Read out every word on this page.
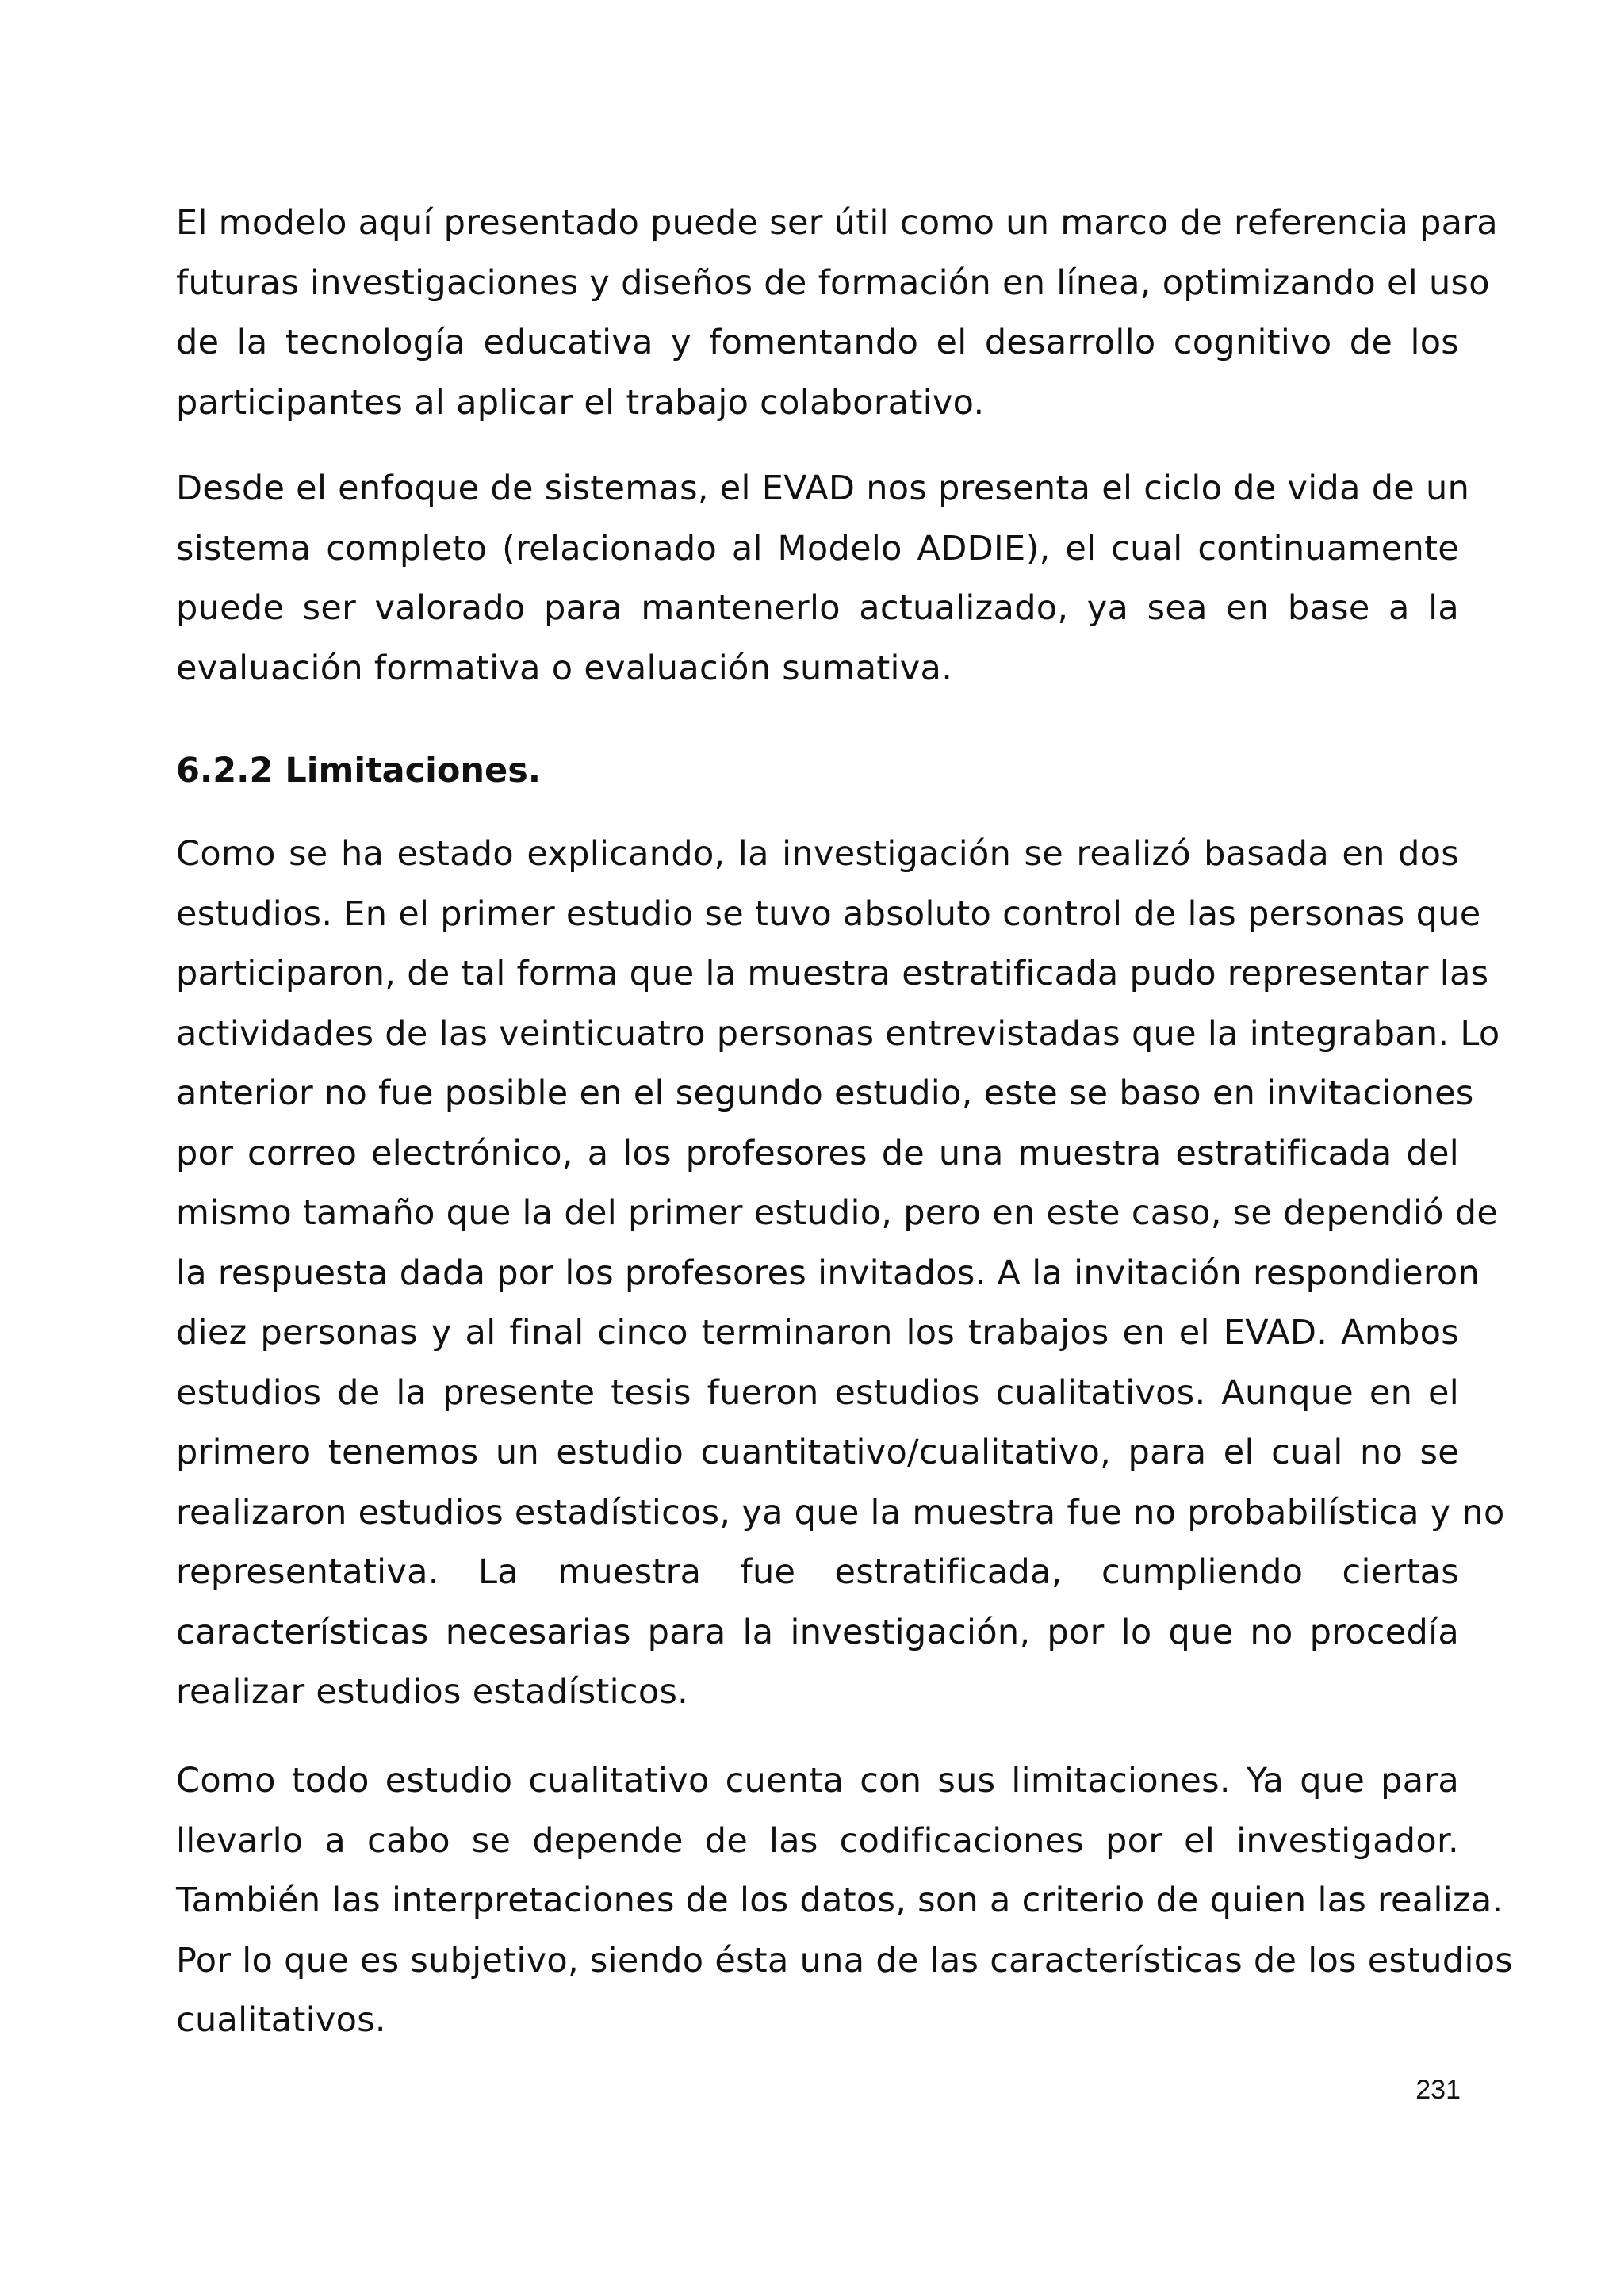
El modelo aquí presentado puede ser útil como un marco de referencia para
futuras investigaciones y diseños de formación en línea, optimizando el uso
de la tecnología educativa y fomentando el desarrollo cognitivo de los
participantes al aplicar el trabajo colaborativo.
Desde el enfoque de sistemas, el EVAD nos presenta el ciclo de vida de un
sistema completo (relacionado al Modelo ADDIE), el cual continuamente
puede ser valorado para mantenerlo actualizado, ya sea en base a la
evaluación formativa o evaluación sumativa.
6.2.2 Limitaciones.
Como se ha estado explicando, la investigación se realizó basada en dos
estudios. En el primer estudio se tuvo absoluto control de las personas que
participaron, de tal forma que la muestra estratificada pudo representar las
actividades de las veinticuatro personas entrevistadas que la integraban. Lo
anterior no fue posible en el segundo estudio, este se baso en invitaciones
por correo electrónico, a los profesores de una muestra estratificada del
mismo tamaño que la del primer estudio, pero en este caso, se dependió de
la respuesta dada por los profesores invitados. A la invitación respondieron
diez personas y al final cinco terminaron los trabajos en el EVAD. Ambos
estudios de la presente tesis fueron estudios cualitativos. Aunque en el
primero tenemos un estudio cuantitativo/cualitativo, para el cual no se
realizaron estudios estadísticos, ya que la muestra fue no probabilística y no
representativa. La muestra fue estratificada, cumpliendo ciertas
características necesarias para la investigación, por lo que no procedía
realizar estudios estadísticos.
Como todo estudio cualitativo cuenta con sus limitaciones. Ya que para
llevarlo a cabo se depende de las codificaciones por el investigador.
También las interpretaciones de los datos, son a criterio de quien las realiza.
Por lo que es subjetivo, siendo ésta una de las características de los estudios
cualitativos.
231
